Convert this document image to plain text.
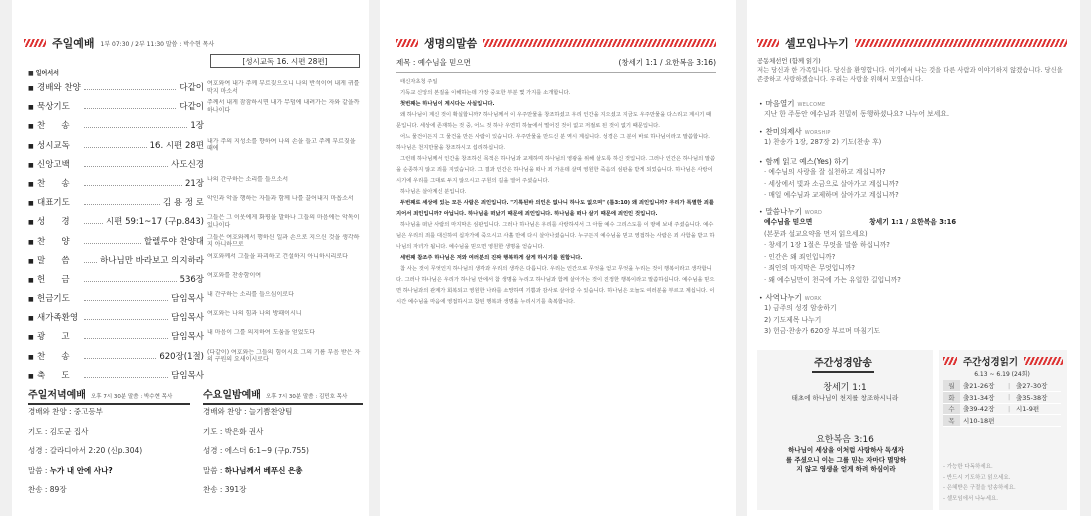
주일예배 1부 07:30 / 2부 11:30 말씀 : 박수현 목사
[성시교독 16. 시편 28편]
■ 일어서서
■ 경배와 찬양	다같이
■ 묵상기도	다같이
■ 찬      송	1장
■ 성시교독	16. 시편 28편
■ 신앙고백	사도신경
■ 찬      송	21장
■ 대표기도	김 용 정 로
■ 성      경	시편 59:1~17 (구p.843)
■ 찬      양	할렐루야 찬양대
■ 말      씀	하나님만 바라보고 의지하라
■ 헌      금	536장
■ 헌금기도	담임목사
■ 새가족환영	담임목사
■ 광      고	담임목사
■ 찬      송	620장(1절)
■ 축      도	담임목사
여호와여 내가 주께 부르짖으오니 나의 반석이여 내게 귀를 막지 마소서
주께서 내게 잠잠하시면 내가 무덤에 내려가는 자와 같을까 하나이다
내가 주의 지성소를 향하여 나의 손을 들고 주께 부르짖을 때에
나의 간구하는 소리를 들으소서
악인과 악을 행하는 자들과 함께 나를 끌어내지 마옵소서
그들은 그 이웃에게 화평을 말하나 그들의 마음에는 악독이 있나이다
그들은 여호와께서 행하신 일과 손으로 지으신 것을 생각하지 아니하므로
여호와께서 그들을 파괴하고 건설하지 아니하시리로다
여호와를 찬송함이여
내 간구하는 소리를 들으심이로다
여호와는 나의 힘과 나의 방패이시니
내 마음이 그를 의지하여 도움을 얻었도다
(다같이) 여호와는 그들의 힘이시요 그의 기름 부음 받은 자의 구원의 요새이시로다
주일저녁예배 오후 7시 30분 말씀 : 박수현 목사
경배와 찬양 : 중고등부
기도 : 김도균 집사
성경 : 갈라디아서 2:20 (신p.304)
말씀 : 누가 내 안에 사나?
찬송 : 89장
수요일밤예배 오후 7시 30분 말씀 : 김민호 목사
경배와 찬양 : 늘기쁨찬양팀
기도 : 박은화 권사
성경 : 에스더 6:1~9 (구p.755)
말씀 : 하나님께서 베푸신 은총
찬송 : 391장
생명의말씀
제목 : 예수님을 믿으면	(창세기 1:1 / 요한복음 3:16)
태신자초청 주일
기독교 신앙의 본질을 이해하는데 가장 중요한 부분 몇 가지를 소개합니다.
첫번째는 하나님이 계시다는 사실입니다.
왜 하나님이 계신 것이 확실합니까? 하나님께서 이 우주만물을 창조하셨고 우리 인간을 지으셨고 지금도 우주만물을 다스리고 계시기 때문입니다. 세상에 존재하는 것 중, 어느 것 하나 우연히 하늘에서 떨어진 것이 없고 저절로 된 것이 없기 때문입니다.
어느 물건이든지 그 물건을 만든 사람이 있습니다. 우주만물을 만드신 분 역시 계십니다. 성경은 그 분이 바로 하나님이라고 말씀합니다. 하나님은 천지만물을 창조하시고 섭리하십니다.
그런데 하나님께서 인간을 창조하신 목적은 하나님과 교제하며 하나님의 영광을 위해 살도록 하신 것입니다. 그러나 인간은 하나님의 말씀을 순종하지 않고 죄를 지었습니다. 그 결과 인간은 하나님을 떠나 죄 가운데 살며 영원한 죽음의 심판을 받게 되었습니다. 하나님은 사랑이시기에 우리를 그대로 두지 않으시고 구원의 길을 열어 주셨습니다.
하나님은 살아계신 분입니다.
두번째로 세상에 있는 모든 사람은 죄인입니다. "기록된바 의인은 없나니 하나도 없으며" (롬3:10) 왜 죄인입니까? 우리가 특별한 죄를 지어서 죄인입니까? 아닙니다. 하나님을 떠났기 때문에 죄인입니다. 하나님을 떠나 살기 때문에 죄인인 것입니다.
하나님을 떠난 사람의 마지막은 심판입니다. 그러나 하나님은 우리를 사랑하셔서 그 아들 예수 그리스도를 이 땅에 보내 주셨습니다. 예수님은 우리의 죄를 대신하여 십자가에 죽으시고 사흘 만에 다시 살아나셨습니다. 누구든지 예수님을 믿고 영접하는 사람은 죄 사함을 받고 하나님의 자녀가 됩니다. 예수님을 믿으면 영원한 생명을 얻습니다.
세번째 참조주 하나님은 저와 여러분의 진짜 행복하게 살게 하시기를 원합니다.
참 사는 것이 무엇인지 하나님의 생각과 우리의 생각은 다릅니다. 우리는 인간으로 무엇을 얻고 무엇을 누리는 것이 행복이라고 생각합니다. 그러나 하나님은 우리가 하나님 안에서 참 생명을 누리고 하나님과 함께 살아가는 것이 진정한 행복이라고 말씀하십니다. 예수님을 믿으면 하나님과의 관계가 회복되고 영원한 나라를 소망하며 기쁨과 감사로 살아갈 수 있습니다. 하나님은 오늘도 여러분을 부르고 계십니다. 이 시간 예수님을 마음에 영접하시고 참된 행복과 생명을 누리시기를 축복합니다.
셀모임나누기
공동체선언 (함께 읽기)
저는 당신과 한 가족입니다. 당신을 환영합니다. 여기에서 나는 것을 다른 사람과 이야기하지 않겠습니다. 당신을 존중하고 사랑하겠습니다. 우리는 사랑을 위해서 모였습니다.
• 마음열기 WELCOME
지난 한 주동안 예수님과 친밀히 동행하셨나요? 나누어 보세요.
• 찬미의제사 WORSHIP
1) 찬송가 1장, 287장 2) 기도(찬송 후)
• 함께 읽고 예스(Yes) 하기
· 예수님의 사랑을 잘 실천하고 계십니까?
· 세상에서 빛과 소금으로 살아가고 계십니까?
· 매일 예수님과 교제하며 살아가고 계십니까?
• 말씀나누기 WORD
예수님을 믿으면                        창세기 1:1 / 요한복음 3:16
(본문과 설교요약을 먼저 읽으세요)
· 창세기 1장 1절은 무엇을 말씀 하십니까?
· 인간은 왜 죄인입니까?
· 죄인의 마지막은 무엇입니까?
· 왜 예수님만이 천국에 가는 유일한 길입니까?
• 사역나누기 WORK
1) 금주의 성경 암송하기
2) 기도제목 나누기
3) 헌금·찬송가 620장 부르며 마침기도
주간성경암송
창세기 1:1
태초에 하나님이 천지를 창조하시니라
요한복음 3:16
하나님이 세상을 이처럼 사랑하사 독생자를 주셨으니 이는 그를 믿는 자마다 멸망하지 않고 영생을 얻게 하려 하심이라
주간성경읽기
6.13 ~ 6.19 (24회)
월	출21-26장	|	출27-30장
화	출31-34장	|	출35-38장
수	출39-42장	|	시1-9편
목	시10-18편		
- 가능한 다독하세요.
- 반드시 기도하고 읽으세요.
- 은혜받은 구절을 암송하세요.
- 셀모임에서 나누세요.
